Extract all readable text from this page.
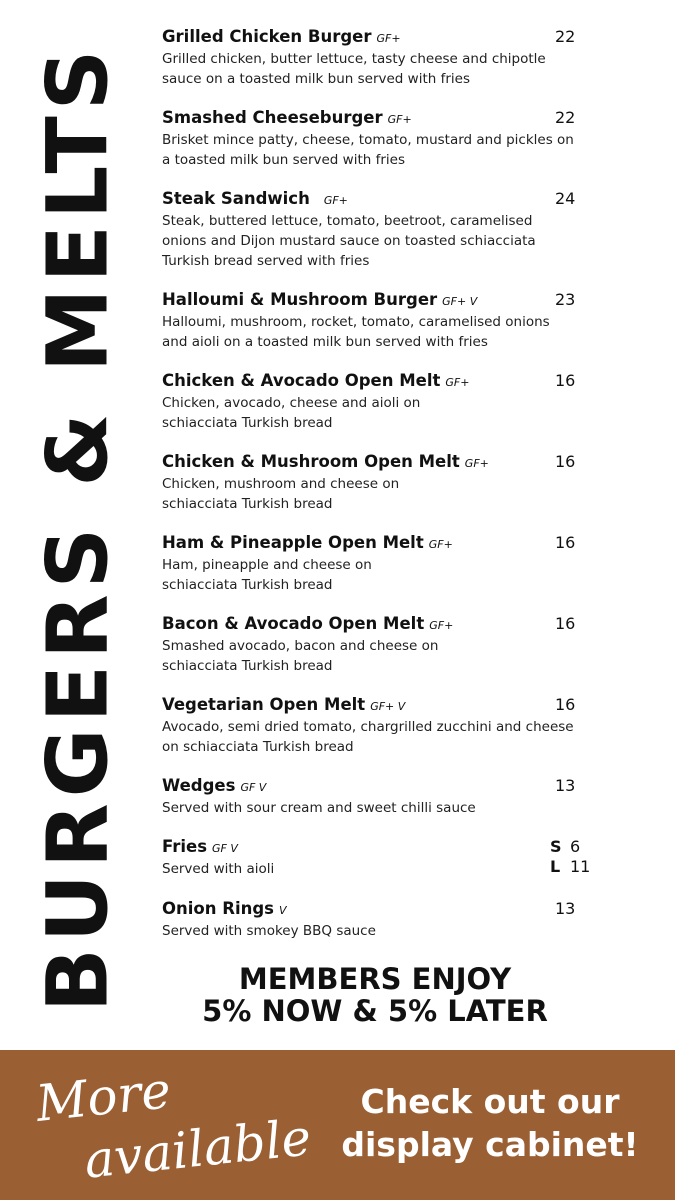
BURGERS & MELTS
Grilled Chicken Burger GF+
Grilled chicken, butter lettuce, tasty cheese and chipotle sauce on a toasted milk bun served with fries
22
Smashed Cheeseburger GF+
Brisket mince patty, cheese, tomato, mustard and pickles on a toasted milk bun served with fries
22
Steak Sandwich GF+
Steak, buttered lettuce, tomato, beetroot, caramelised onions and Dijon mustard sauce on toasted schiacciata Turkish bread served with fries
24
Halloumi & Mushroom Burger GF+ V
Halloumi, mushroom, rocket, tomato, caramelised onions and aioli on a toasted milk bun served with fries
23
Chicken & Avocado Open Melt GF+
Chicken, avocado, cheese and aioli on schiacciata Turkish bread
16
Chicken & Mushroom Open Melt GF+
Chicken, mushroom and cheese on schiacciata Turkish bread
16
Ham & Pineapple Open Melt GF+
Ham, pineapple and cheese on schiacciata Turkish bread
16
Bacon & Avocado Open Melt GF+
Smashed avocado, bacon and cheese on schiacciata Turkish bread
16
Vegetarian Open Melt GF+ V
Avocado, semi dried tomato, chargrilled zucchini and cheese on schiacciata Turkish bread
16
Wedges GF V
Served with sour cream and sweet chilli sauce
13
Fries GF V
Served with aioli
S 6
L 11
Onion Rings V
Served with smokey BBQ sauce
13
MEMBERS ENJOY
5% NOW & 5% LATER
More
available
Check out our
display cabinet!
